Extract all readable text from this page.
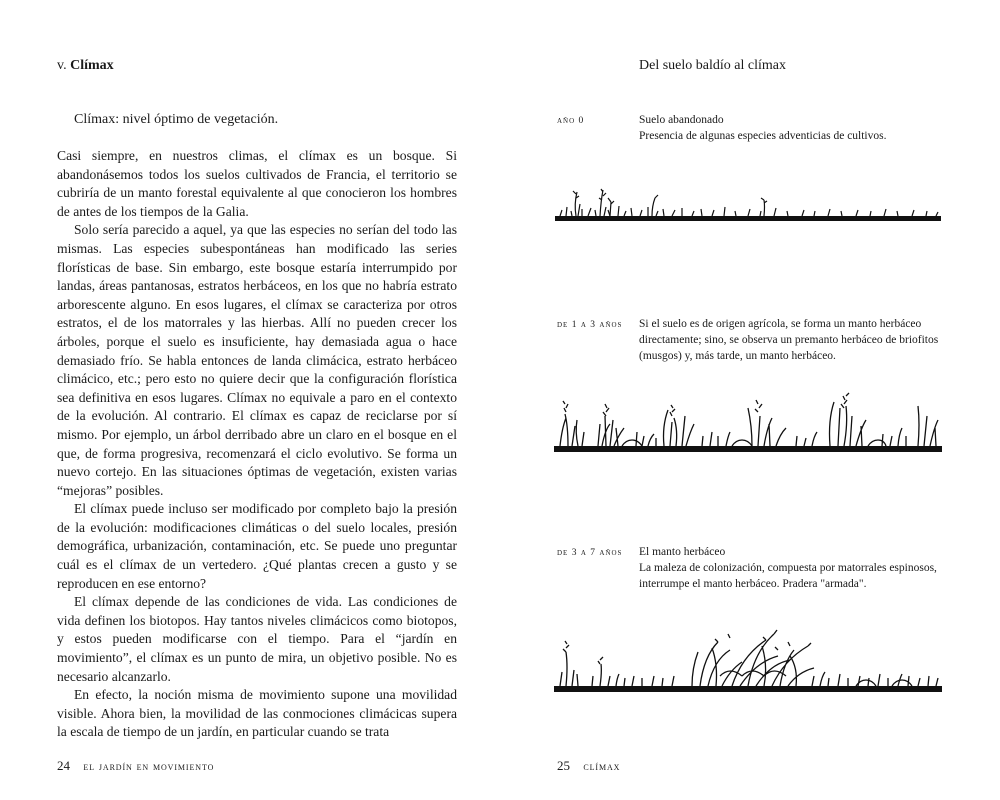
v. Clímax
Clímax: nivel óptimo de vegetación.

Casi siempre, en nuestros climas, el clímax es un bosque. Si abandonásemos todos los suelos cultivados de Francia, el territorio se cubriría de un manto forestal equivalente al que conocieron los hombres de antes de los tiempos de la Galia.

Solo sería parecido a aquel, ya que las especies no serían del todo las mismas. Las especies subespontáneas han modificado las series florísticas de base. Sin embargo, este bosque estaría interrumpido por landas, áreas pantanosas, estratos herbáceos, en los que no habría estrato arborescente alguno. En esos lugares, el clímax se caracteriza por otros estratos, el de los matorrales y las hierbas. Allí no pueden crecer los árboles, porque el suelo es insuficiente, hay demasiada agua o hace demasiado frío. Se habla entonces de landa climácica, estrato herbáceo climácico, etc.; pero esto no quiere decir que la configuración florística sea definitiva en esos lugares. Clímax no equivale a paro en el contexto de la evolución. Al contrario. El clímax es capaz de reciclarse por sí mismo. Por ejemplo, un árbol derribado abre un claro en el bosque en el que, de forma progresiva, recomenzará el ciclo evolutivo. Se forma un nuevo cortejo. En las situaciones óptimas de vegetación, existen varias “mejoras” posibles.

El clímax puede incluso ser modificado por completo bajo la presión de la evolución: modificaciones climáticas o del suelo locales, presión demográfica, urbanización, contaminación, etc. Se puede uno preguntar cuál es el clímax de un vertedero. ¿Qué plantas crecen a gusto y se reproducen en ese entorno?

El clímax depende de las condiciones de vida. Las condiciones de vida definen los biotopos. Hay tantos niveles climácicos como biotopos, y estos pueden modificarse con el tiempo. Para el “jardín en movimiento”, el clímax es un punto de mira, un objetivo posible. No es necesario alcanzarlo.

En efecto, la noción misma de movimiento supone una movilidad visible. Ahora bien, la movilidad de las conmociones climácicas supera la escala de tiempo de un jardín, en particular cuando se trata

24 el jardín en movimiento
Del suelo baldío al clímax
año 0	Suelo abandonado
Presencia de algunas especies adventicias de cultivos.
de 1 a 3 años Si el suelo es de origen agrícola, se forma un manto herbáceo
directamente; sino, se observa un premanto herbáceo de briofitos
(musgos) y, más tarde, un manto herbáceo.
de 3 a 7 años El manto herbáceo
La maleza de colonización, compuesta por matorrales espinosos,
interrumpe el manto herbáceo. Pradera "armada".
25 clímax
